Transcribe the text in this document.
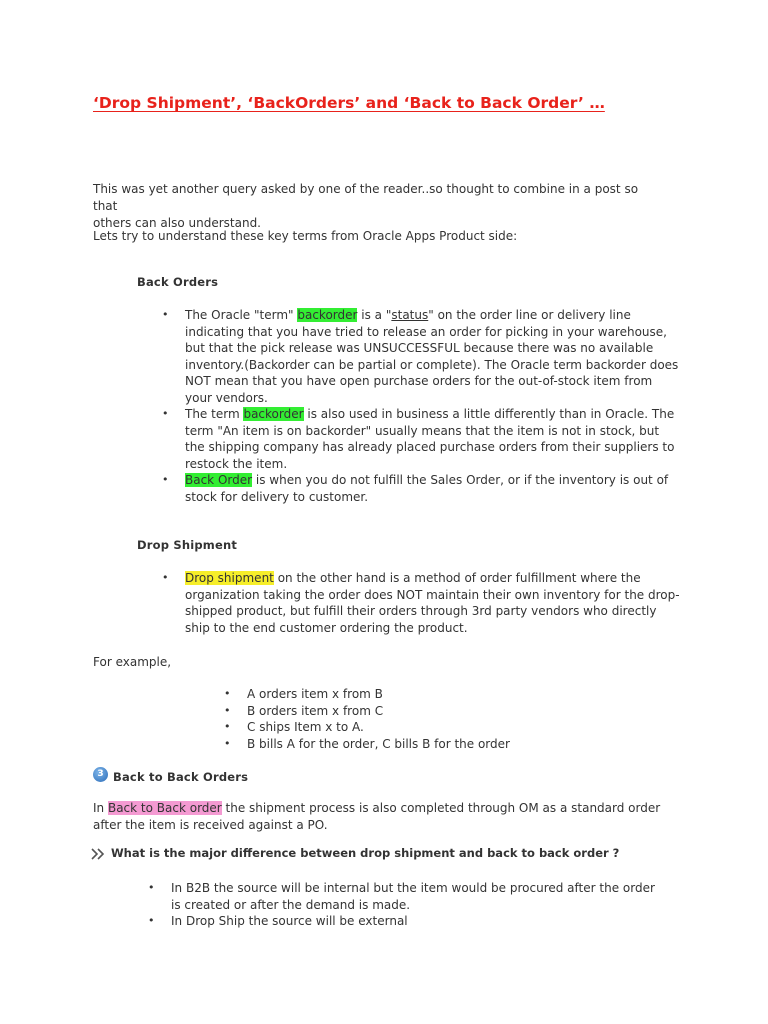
‘Drop Shipment’, ‘BackOrders’ and ‘Back to Back Order’ …
This was yet another query asked by one of the reader..so thought to combine in a post so that
others can also understand.

Lets try to understand these key terms from Oracle Apps Product side:

Back Orders
• The Oracle "term" backorder is a "status" on the order line or delivery line indicating that you have tried to release an order for picking in your warehouse, but that the pick release was UNSUCCESSFUL because there was no available inventory.(Backorder can be partial or complete). The Oracle term backorder does NOT mean that you have open purchase orders for the out-of-stock item from your vendors.
• The term backorder is also used in business a little differently than in Oracle. The term "An item is on backorder" usually means that the item is not in stock, but the shipping company has already placed purchase orders from their suppliers to restock the item.
• Back Order is when you do not fulfill the Sales Order, or if the inventory is out of stock for delivery to customer.
Drop Shipment
• Drop shipment on the other hand is a method of order fulfillment where the organization taking the order does NOT maintain their own inventory for the drop-shipped product, but fulfill their orders through 3rd party vendors who directly ship to the end customer ordering the product.

For example,

• A orders item x from B
• B orders item x from C
• C ships Item x to A.
• B bills A for the order, C bills B for the order
3 Back to Back Orders

In Back to Back order the shipment process is also completed through OM as a standard order after the item is received against a PO.

What is the major difference between drop shipment and back to back order ?
• In B2B the source will be internal but the item would be procured after the order is created or after the demand is made.
• In Drop Ship the source will be external
